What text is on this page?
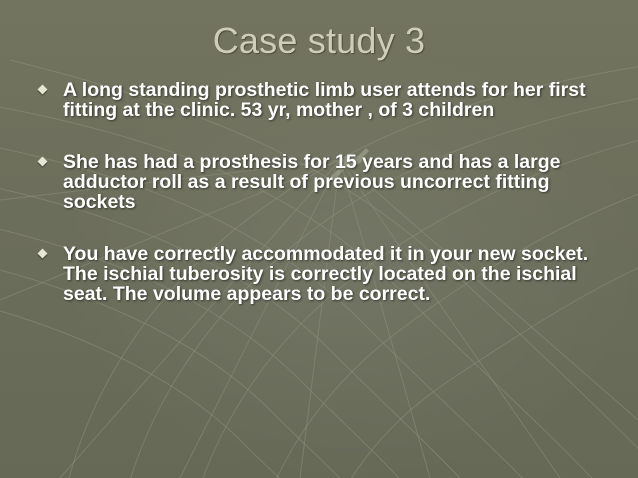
Case study 3
A long standing prosthetic limb user attends for her first fitting at the clinic. 53 yr, mother , of 3 children
She has had a prosthesis for 15 years and has a large adductor roll as a result of previous uncorrect fitting sockets
You have correctly accommodated it in your new socket. The ischial tuberosity is correctly located on the ischial seat. The volume appears to be correct.
